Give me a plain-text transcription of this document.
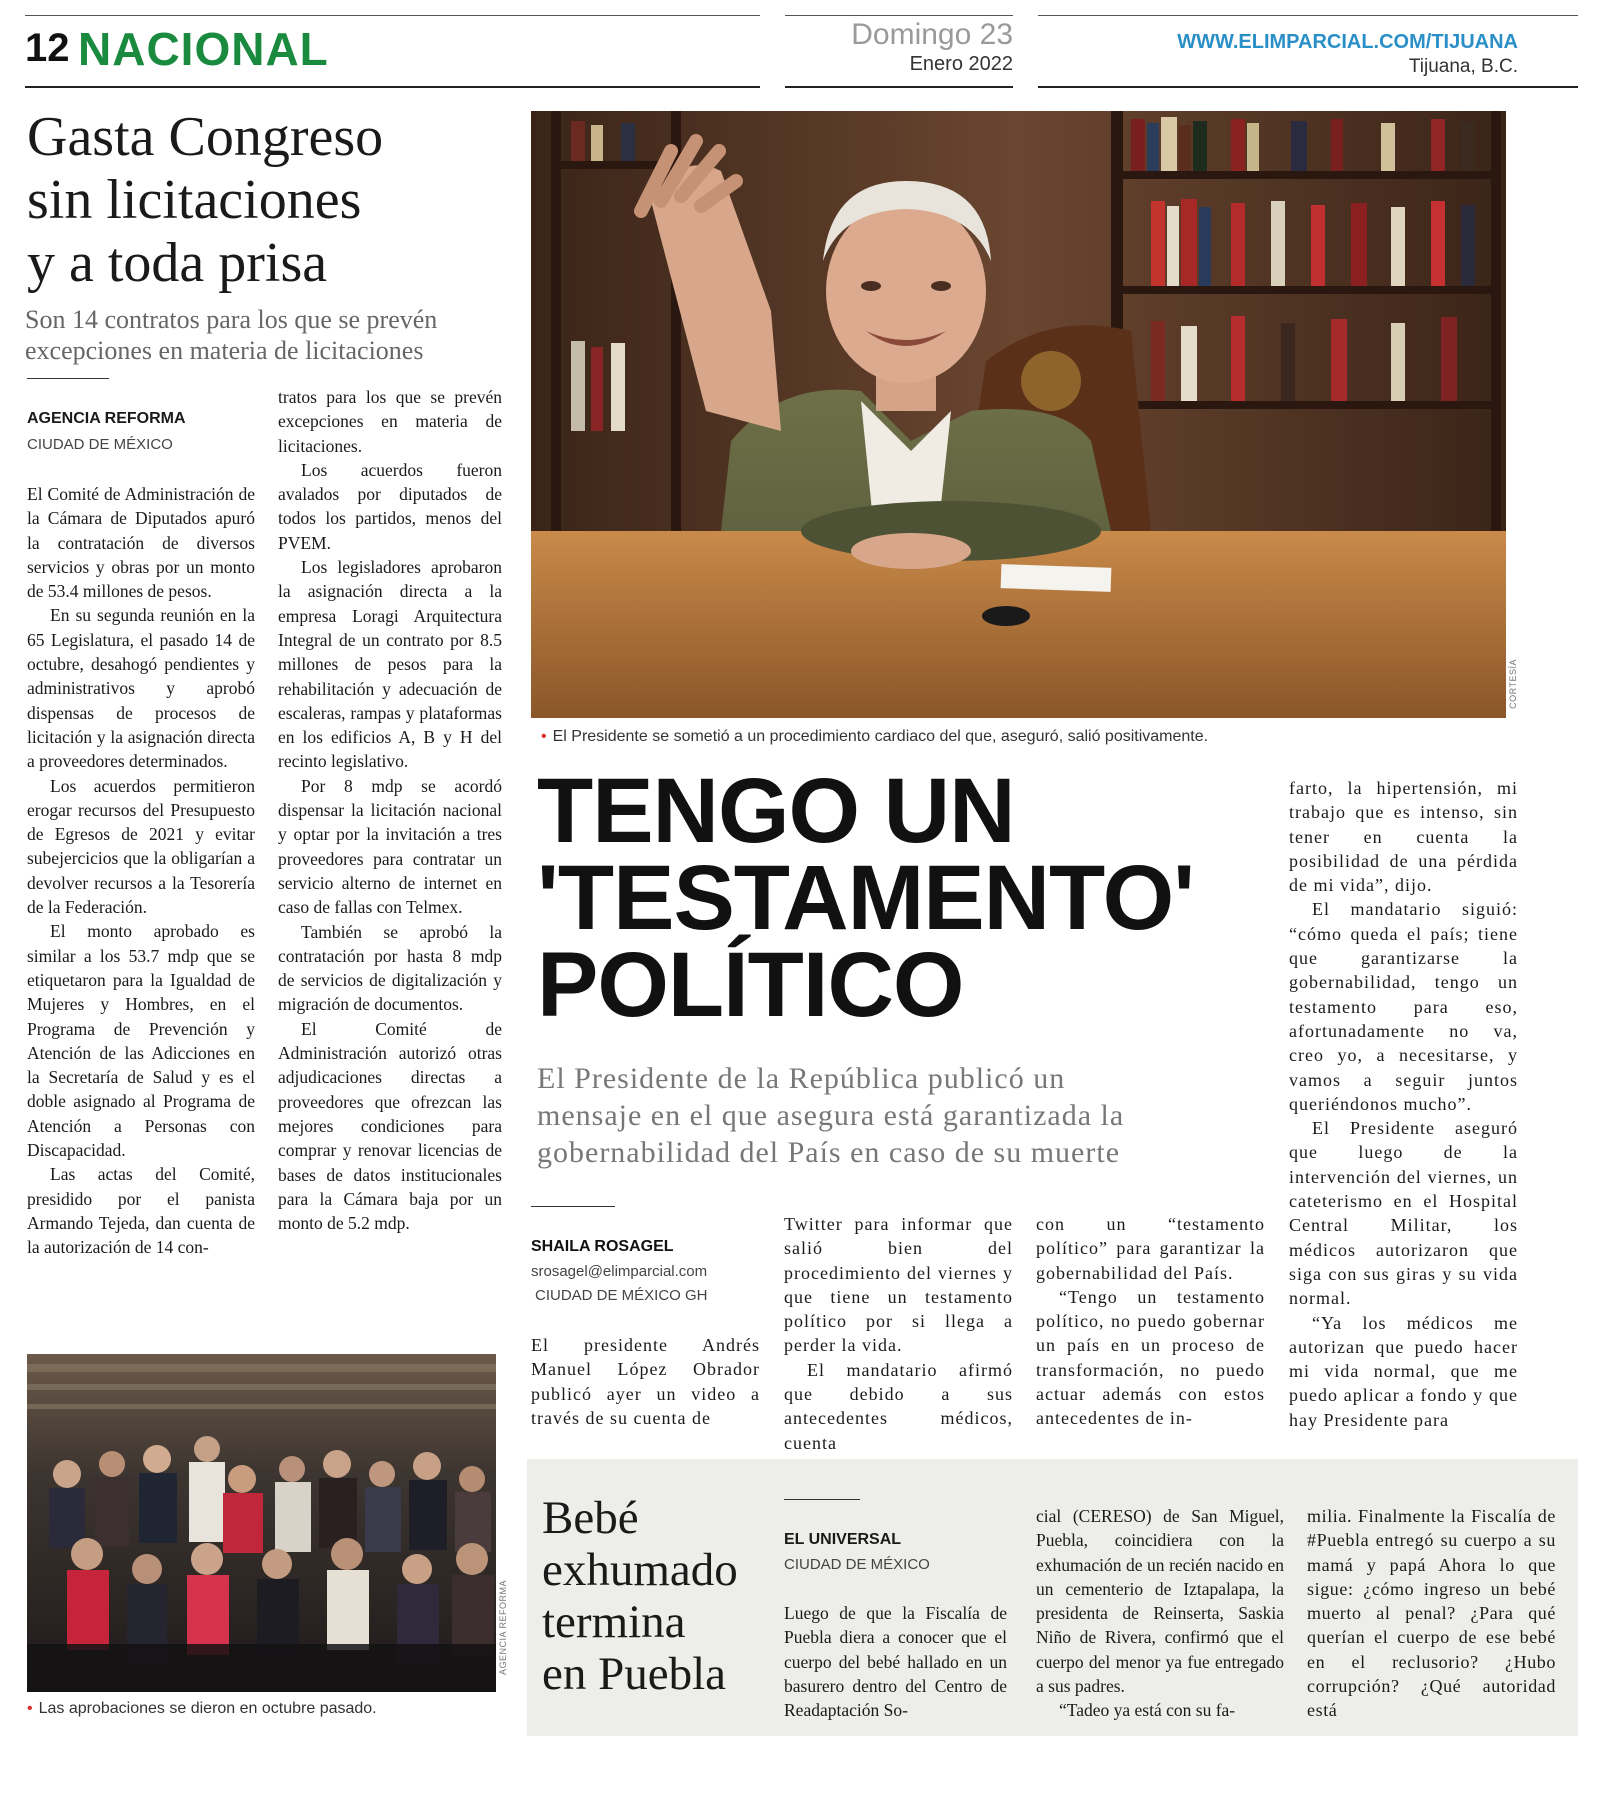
12 NACIONAL	Domingo 23
Enero 2022
WWW.ELIMPARCIAL.COM/TIJUANA
Tijuana, B.C.
Gasta Congreso
sin licitaciones
y a toda prisa
Son 14 contratos para los que se prevén
excepciones en materia de licitaciones
AGENCIA REFORMA
CIUDAD DE MÉXICO

El Comité de Administración de la Cámara de Diputados apuró la contratación de diversos servicios y obras por un monto de 53.4 millones de pesos.

En su segunda reunión en la 65 Legislatura, el pasado 14 de octubre, desahogó pendientes y administrativos y aprobó dispensas de procesos de licitación y la asignación directa a proveedores determinados.

Los acuerdos permitieron erogar recursos del Presupuesto de Egresos de 2021 y evitar subejercicios que la obligarían a devolver recursos a la Tesorería de la Federación.

El monto aprobado es similar a los 53.7 mdp que se etiquetaron para la Igualdad de Mujeres y Hombres, en el Programa de Prevención y Atención de las Adicciones en la Secretaría de Salud y es el doble asignado al Programa de Atención a Personas con Discapacidad.

Las actas del Comité, presidido por el panista Armando Tejeda, dan cuenta de la autorización de 14 con-

tratos para los que se prevén excepciones en materia de licitaciones.

Los acuerdos fueron avalados por diputados de todos los partidos, menos del PVEM.

Los legisladores aprobaron la asignación directa a la empresa Loragi Arquitectura Integral de un contrato por 8.5 millones de pesos para la rehabilitación y adecuación de escaleras, rampas y plataformas en los edificios A, B y H del recinto legislativo.

Por 8 mdp se acordó dispensar la licitación nacional y optar por la invitación a tres proveedores para contratar un servicio alterno de internet en caso de fallas con Telmex.

También se aprobó la contratación por hasta 8 mdp de servicios de digitalización y migración de documentos.

El Comité de Administración autorizó otras adjudicaciones directas a proveedores que ofrezcan las mejores condiciones para comprar y renovar licencias de bases de datos institucionales para la Cámara baja por un monto de 5.2 mdp.

AGENCIA REFORMA
• Las aprobaciones se dieron en octubre pasado.
CORTESÍA
• El Presidente se sometió a un procedimiento cardiaco del que, aseguró, salió positivamente.
TENGO UN
'TESTAMENTO'
POLÍTICO
El Presidente de la República publicó un
mensaje en el que asegura está garantizada la
gobernabilidad del País en caso de su muerte
SHAILA ROSAGEL
srosagel@elimparcial.com
CIUDAD DE MÉXICO GH

El presidente Andrés Manuel López Obrador publicó ayer un video a través de su cuenta de

Twitter para informar que salió bien del procedimiento del viernes y que tiene un testamento político por si llega a perder la vida.

El mandatario afirmó que debido a sus antecedentes médicos, cuenta

con un “testamento político” para garantizar la gobernabilidad del País.

“Tengo un testamento político, no puedo gobernar un país en un proceso de transformación, no puedo actuar además con estos antecedentes de in-

farto, la hipertensión, mi trabajo que es intenso, sin tener en cuenta la posibilidad de una pérdida de mi vida”, dijo.

El mandatario siguió: “cómo queda el país; tiene que garantizarse la gobernabilidad, tengo un testamento para eso, afortunadamente no va, creo yo, a necesitarse, y vamos a seguir juntos queriéndonos mucho”.

El Presidente aseguró que luego de la intervención del viernes, un cateterismo en el Hospital Central Militar, los médicos autorizaron que siga con sus giras y su vida normal.

“Ya los médicos me autorizan que puedo hacer mi vida normal, que me puedo aplicar a fondo y que hay Presidente para

Bebé
exhumado
termina
en Puebla
EL UNIVERSAL
CIUDAD DE MÉXICO

Luego de que la Fiscalía de Puebla diera a conocer que el cuerpo del bebé hallado en un basurero dentro del Centro de Readaptación So-

cial (CERESO) de San Miguel, Puebla, coincidiera con la exhumación de un recién nacido en un cementerio de Iztapalapa, la presidenta de Reinserta, Saskia Niño de Rivera, confirmó que el cuerpo del menor ya fue entregado a sus padres.

“Tadeo ya está con su fa-

milia. Finalmente la Fiscalía de #Puebla entregó su cuerpo a su mamá y papá Ahora lo que sigue: ¿cómo ingreso un bebé muerto al penal? ¿Para qué querían el cuerpo de ese bebé en el reclusorio? ¿Hubo corrupción? ¿Qué autoridad está
